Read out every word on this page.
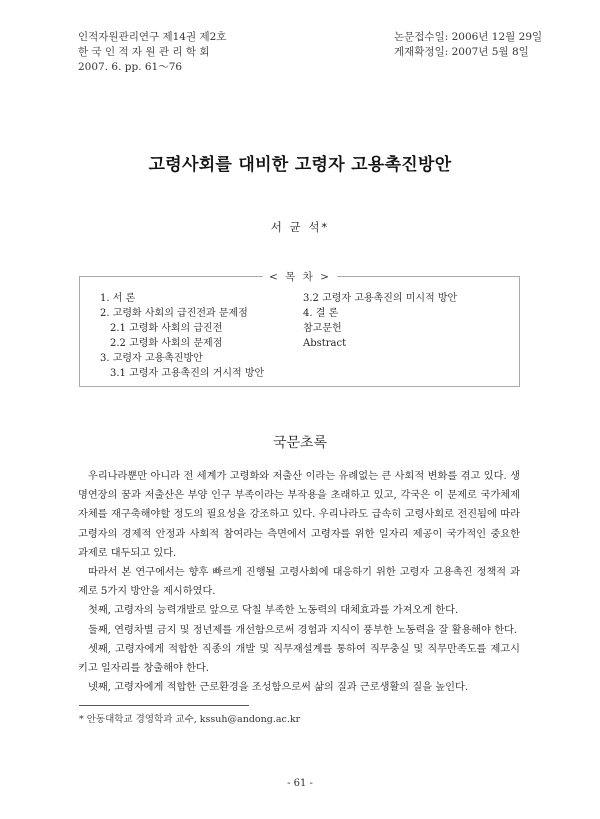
인적자원관리연구 제14권 제2호
한 국 인 적 자 원 관 리 학 회
2007. 6. pp. 61～76
논문접수일: 2006년 12월 29일
게재확정일: 2007년 5월 8일
고령사회를 대비한 고령자 고용촉진방안
서 균 석*
< 목 차 >
1. 서 론
2. 고령화 사회의 급진전과 문제점
2.1 고령화 사회의 급진전
2.2 고령화 사회의 문제점
3. 고령자 고용촉진방안
3.1 고령자 고용촉진의 거시적 방안
3.2 고령자 고용촉진의 미시적 방안
4. 결 론
참고문헌
Abstract
국문초록

우리나라뿐만 아니라 전 세계가 고령화와 저출산 이라는 유례없는 큰 사회적 변화를 겪고 있다. 생명연장의 꿈과 저출산은 부양 인구 부족이라는 부작용을 초래하고 있고, 각국은 이 문제로 국가체제자체를 재구축해야할 정도의 필요성을 강조하고 있다. 우리나라도 급속히 고령사회로 전진됨에 따라 고령자의 경제적 안정과 사회적 참여라는 측면에서 고령자를 위한 일자리 제공이 국가적인 중요한 과제로 대두되고 있다.

따라서 본 연구에서는 향후 빠르게 진행될 고령사회에 대응하기 위한 고령자 고용촉진 정책적 과제로 5가지 방안을 제시하였다.

첫째, 고령자의 능력개발로 앞으로 닥칠 부족한 노동력의 대체효과를 가져오게 한다.

둘째, 연령차별 금지 및 정년제를 개선함으로써 경험과 지식이 풍부한 노동력을 잘 활용해야 한다.

셋째, 고령자에게 적합한 직종의 개발 및 직무재설계를 통하여 직무충실 및 직무만족도를 제고시키고 일자리를 창출해야 한다.

넷째, 고령자에게 적합한 근로환경을 조성함으로써 삶의 질과 근로생활의 질을 높인다.

* 안동대학교 경영학과 교수, kssuh@andong.ac.kr
- 61 -
